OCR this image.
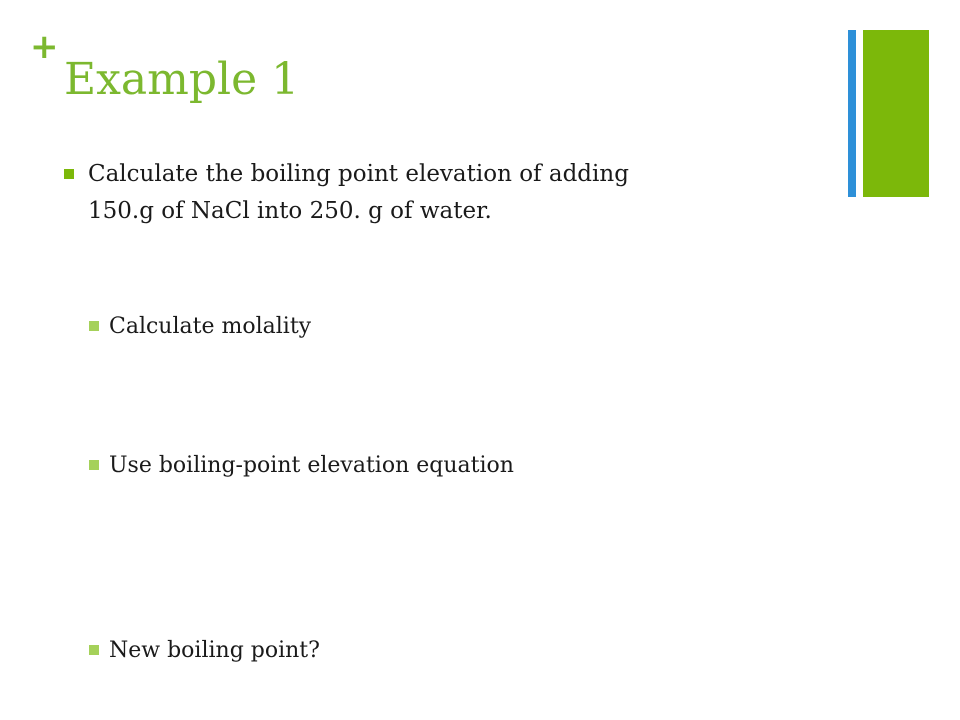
+
Example 1

Calculate the boiling point elevation of adding

150.g of NaCl into 250. g of water.

Calculate molality

Use boiling-point elevation equation

New boiling point?
